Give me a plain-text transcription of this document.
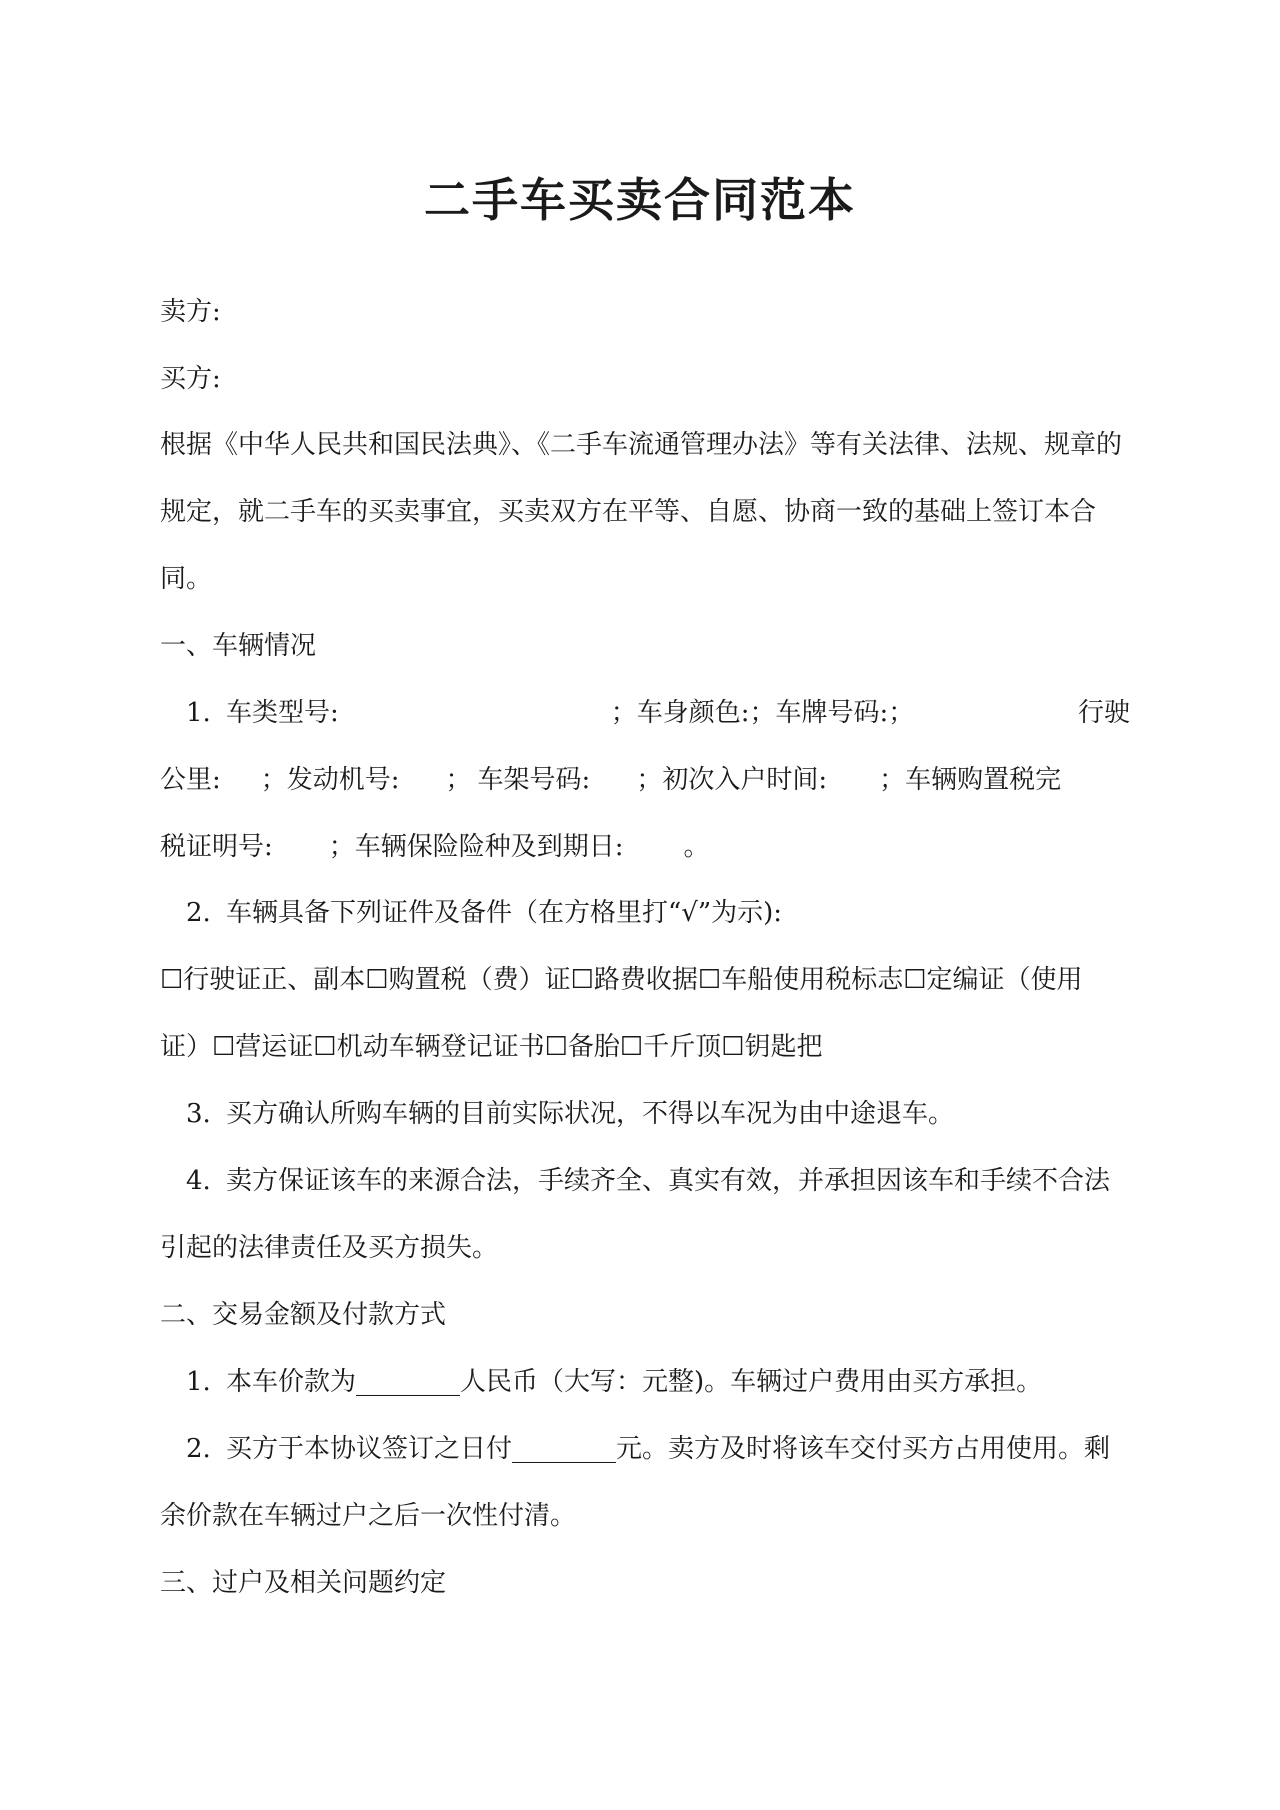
二手车买卖合同范本
卖方:
买方:
根据《中华人民共和国民法典》、《二手车流通管理办法》等有关法律、法规、规章的
规定，就二手车的买卖事宜，买卖双方在平等、自愿、协商一致的基础上签订本合
同。
一、车辆情况
1. 车类型号:	；车身颜色:；车牌号码:；	行驶
公里: ；发动机号: ； 车架号码: ；初次入户时间: ；车辆购置税完
税证明号: ；车辆保险险种及到期日: 。
2. 车辆具备下列证件及备件（在方格里打“√”为示):
☐行驶证正、副本☐购置税（费）证☐路费收据☐车船使用税标志☐定编证（使用
证）☐营运证☐机动车辆登记证书☐备胎☐千斤顶☐钥匙把
3. 买方确认所购车辆的目前实际状况，不得以车况为由中途退车。
4. 卖方保证该车的来源合法，手续齐全、真实有效，并承担因该车和手续不合法
引起的法律责任及买方损失。
二、交易金额及付款方式
1. 本车价款为________人民币（大写：元整)。车辆过户费用由买方承担。
2. 买方于本协议签订之日付________元。卖方及时将该车交付买方占用使用。剩
余价款在车辆过户之后一次性付清。
三、过户及相关问题约定
